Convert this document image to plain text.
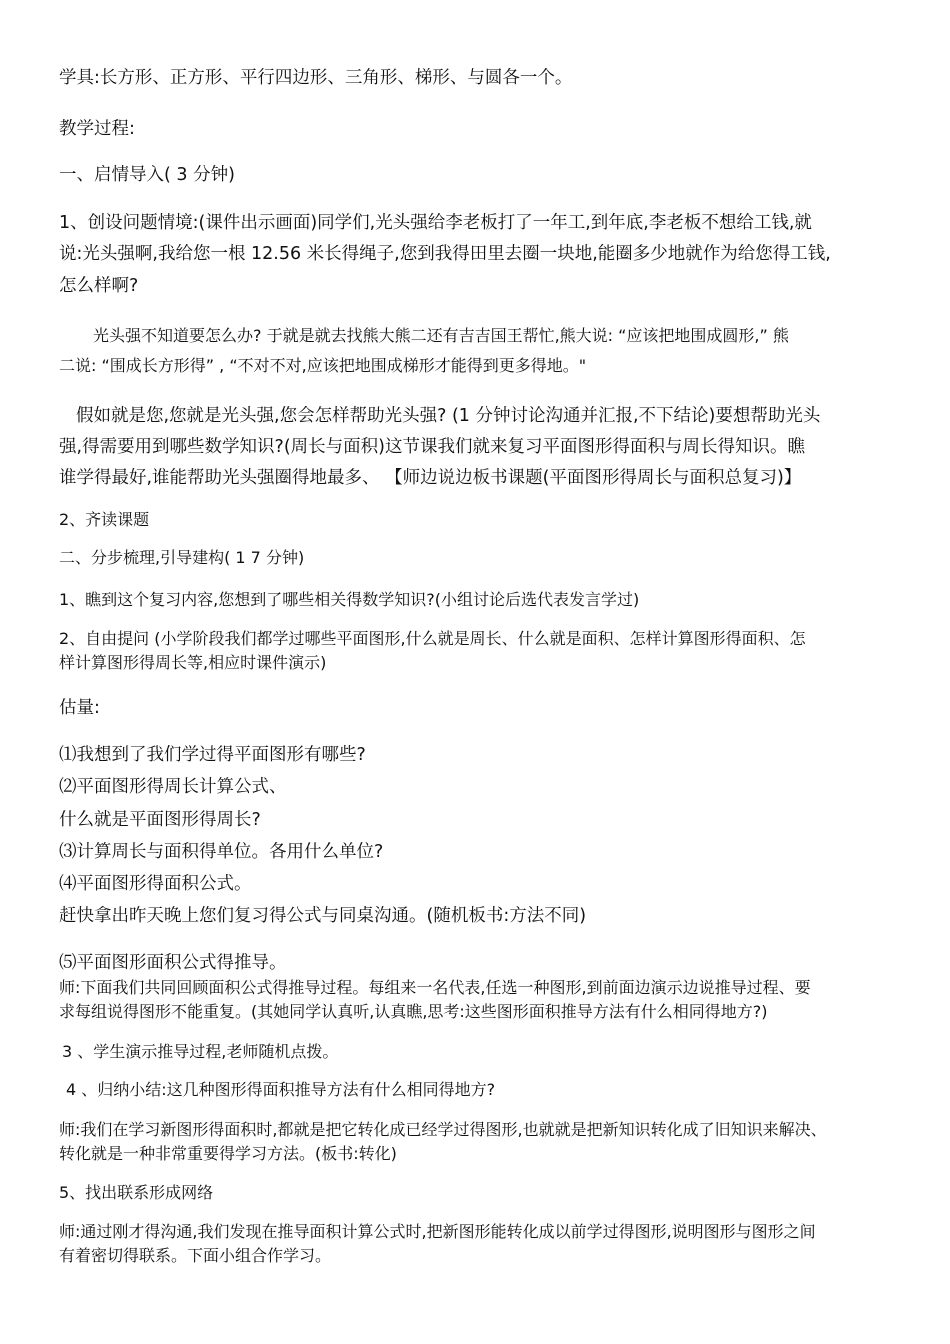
学具:长方形、正方形、平行四边形、三角形、梯形、与圆各一个。

教学过程:

一、启情导入( 3 分钟)

1、创设问题情境:(课件出示画面)同学们,光头强给李老板打了一年工,到年底,李老板不想给工钱,就

说:光头强啊,我给您一根 12.56 米长得绳子,您到我得田里去圈一块地,能圈多少地就作为给您得工钱,

怎么样啊?

光头强不知道要怎么办? 于就是就去找熊大熊二还有吉吉国王帮忙,熊大说: “应该把地围成圆形,” 熊

二说: “围成长方形得” , “不对不对,应该把地围成梯形才能得到更多得地。"

假如就是您,您就是光头强,您会怎样帮助光头强? (1 分钟讨论沟通并汇报,不下结论)要想帮助光头

强,得需要用到哪些数学知识?(周长与面积)这节课我们就来复习平面图形得面积与周长得知识。瞧

谁学得最好,谁能帮助光头强圈得地最多、 【师边说边板书课题(平面图形得周长与面积总复习)】

2、齐读课题

二、分步梳理,引导建构( 1 7 分钟)

1、瞧到这个复习内容,您想到了哪些相关得数学知识?(小组讨论后选代表发言学过)

2、自由提问 (小学阶段我们都学过哪些平面图形,什么就是周长、什么就是面积、怎样计算图形得面积、怎

样计算图形得周长等,相应时课件演示)

估量:

⑴我想到了我们学过得平面图形有哪些?

⑵平面图形得周长计算公式、

什么就是平面图形得周长?

⑶计算周长与面积得单位。各用什么单位?

⑷平面图形得面积公式。

赶快拿出昨天晚上您们复习得公式与同桌沟通。(随机板书:方法不同)

⑸平面图形面积公式得推导。

师:下面我们共同回顾面积公式得推导过程。每组来一名代表,任选一种图形,到前面边演示边说推导过程、要

求每组说得图形不能重复。(其她同学认真听,认真瞧,思考:这些图形面积推导方法有什么相同得地方?)

3 、学生演示推导过程,老师随机点拨。

4 、归纳小结:这几种图形得面积推导方法有什么相同得地方?

师:我们在学习新图形得面积时,都就是把它转化成已经学过得图形,也就就是把新知识转化成了旧知识来解决、

转化就是一种非常重要得学习方法。(板书:转化)

5、找出联系形成网络

师:通过刚才得沟通,我们发现在推导面积计算公式时,把新图形能转化成以前学过得图形,说明图形与图形之间

有着密切得联系。下面小组合作学习。
